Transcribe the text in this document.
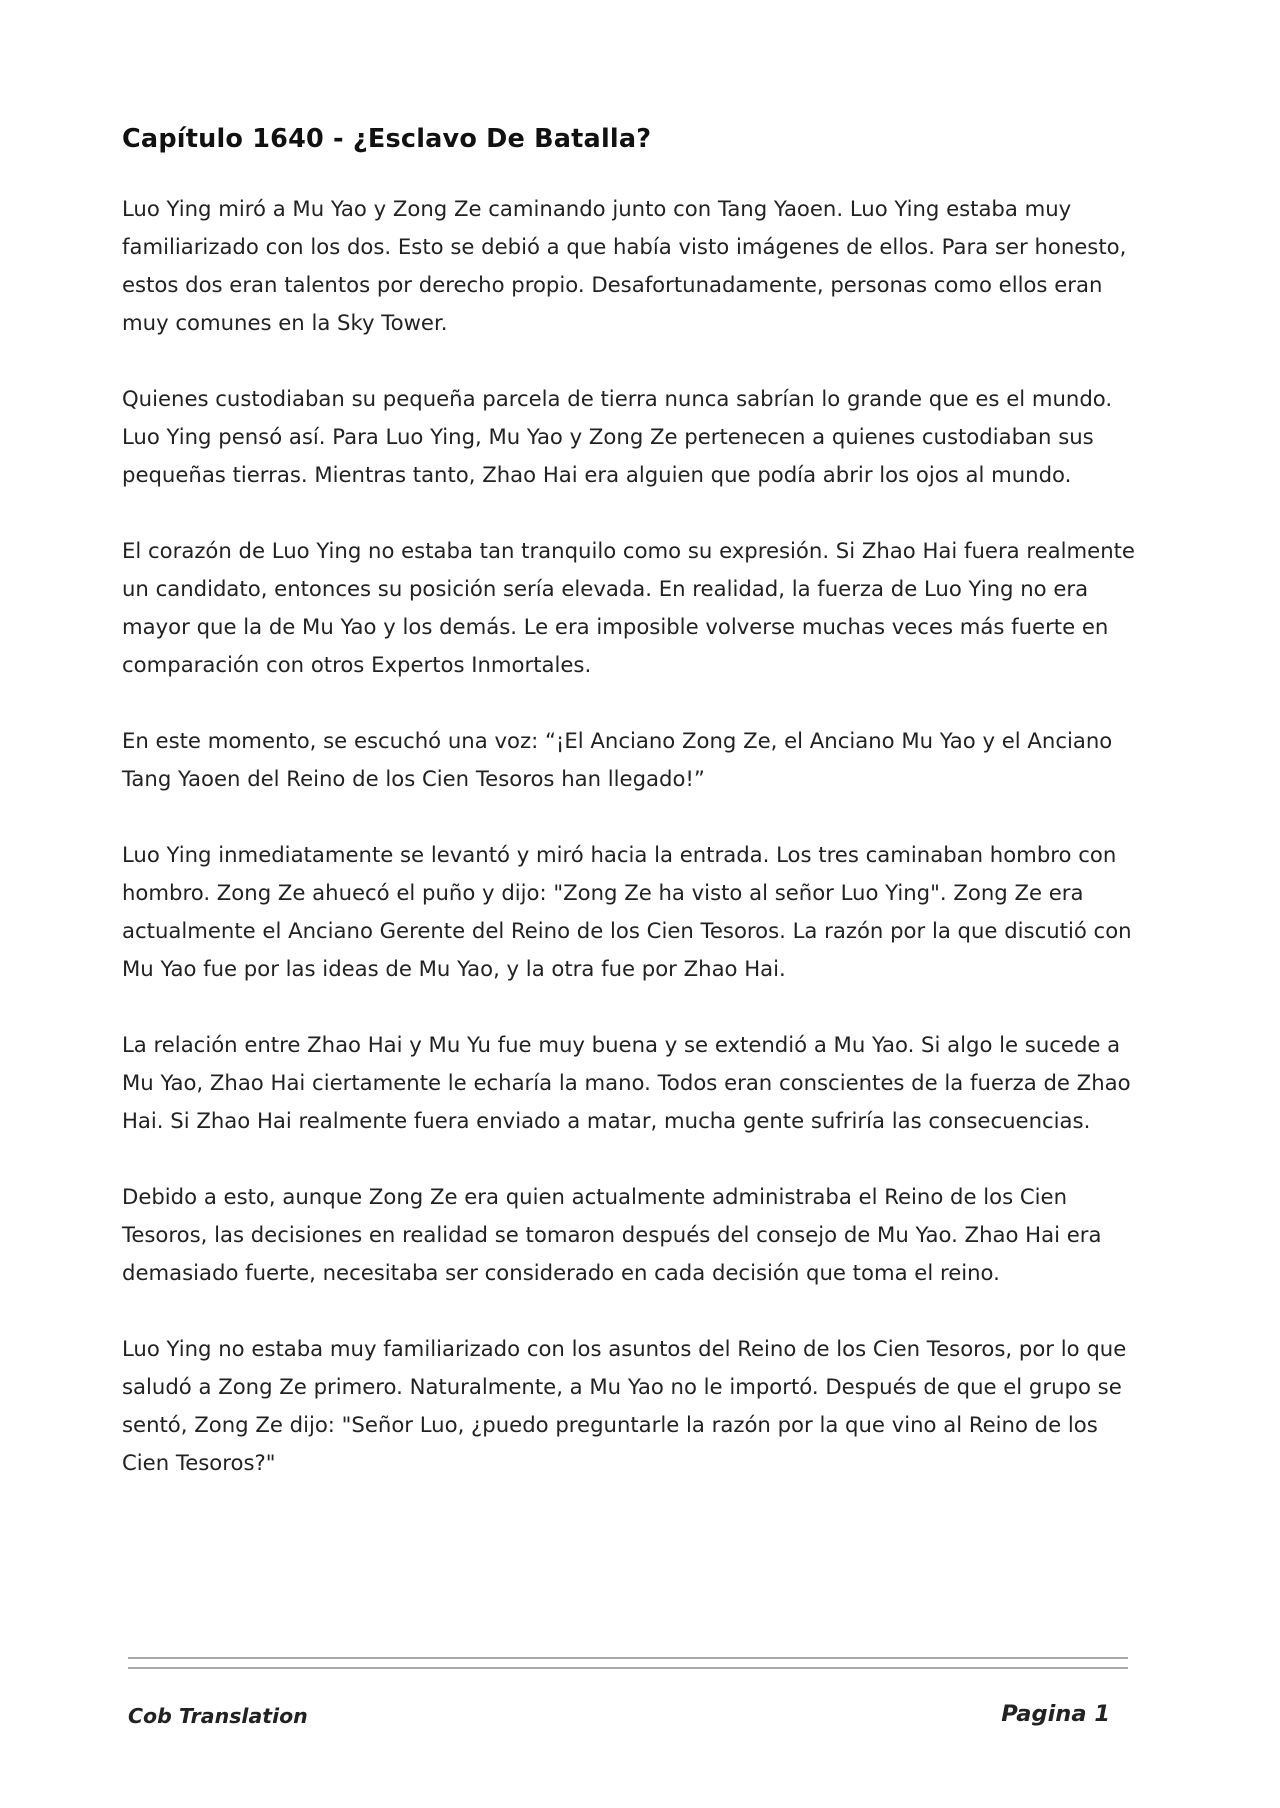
Capítulo 1640 - ¿Esclavo De Batalla?

Luo Ying miró a Mu Yao y Zong Ze caminando junto con Tang Yaoen. Luo Ying estaba muy familiarizado con los dos. Esto se debió a que había visto imágenes de ellos. Para ser honesto, estos dos eran talentos por derecho propio. Desafortunadamente, personas como ellos eran muy comunes en la Sky Tower.

Quienes custodiaban su pequeña parcela de tierra nunca sabrían lo grande que es el mundo. Luo Ying pensó así. Para Luo Ying, Mu Yao y Zong Ze pertenecen a quienes custodiaban sus pequeñas tierras. Mientras tanto, Zhao Hai era alguien que podía abrir los ojos al mundo.

El corazón de Luo Ying no estaba tan tranquilo como su expresión. Si Zhao Hai fuera realmente un candidato, entonces su posición sería elevada. En realidad, la fuerza de Luo Ying no era mayor que la de Mu Yao y los demás. Le era imposible volverse muchas veces más fuerte en comparación con otros Expertos Inmortales.

En este momento, se escuchó una voz: “¡El Anciano Zong Ze, el Anciano Mu Yao y el Anciano Tang Yaoen del Reino de los Cien Tesoros han llegado!”

Luo Ying inmediatamente se levantó y miró hacia la entrada. Los tres caminaban hombro con hombro. Zong Ze ahuecó el puño y dijo: "Zong Ze ha visto al señor Luo Ying". Zong Ze era actualmente el Anciano Gerente del Reino de los Cien Tesoros. La razón por la que discutió con Mu Yao fue por las ideas de Mu Yao, y la otra fue por Zhao Hai.

La relación entre Zhao Hai y Mu Yu fue muy buena y se extendió a Mu Yao. Si algo le sucede a Mu Yao, Zhao Hai ciertamente le echaría la mano. Todos eran conscientes de la fuerza de Zhao Hai. Si Zhao Hai realmente fuera enviado a matar, mucha gente sufriría las consecuencias.

Debido a esto, aunque Zong Ze era quien actualmente administraba el Reino de los Cien Tesoros, las decisiones en realidad se tomaron después del consejo de Mu Yao. Zhao Hai era demasiado fuerte, necesitaba ser considerado en cada decisión que toma el reino.

Luo Ying no estaba muy familiarizado con los asuntos del Reino de los Cien Tesoros, por lo que saludó a Zong Ze primero. Naturalmente, a Mu Yao no le importó. Después de que el grupo se sentó, Zong Ze dijo: "Señor Luo, ¿puedo preguntarle la razón por la que vino al Reino de los Cien Tesoros?"

Cob Translation	Pagina 1
